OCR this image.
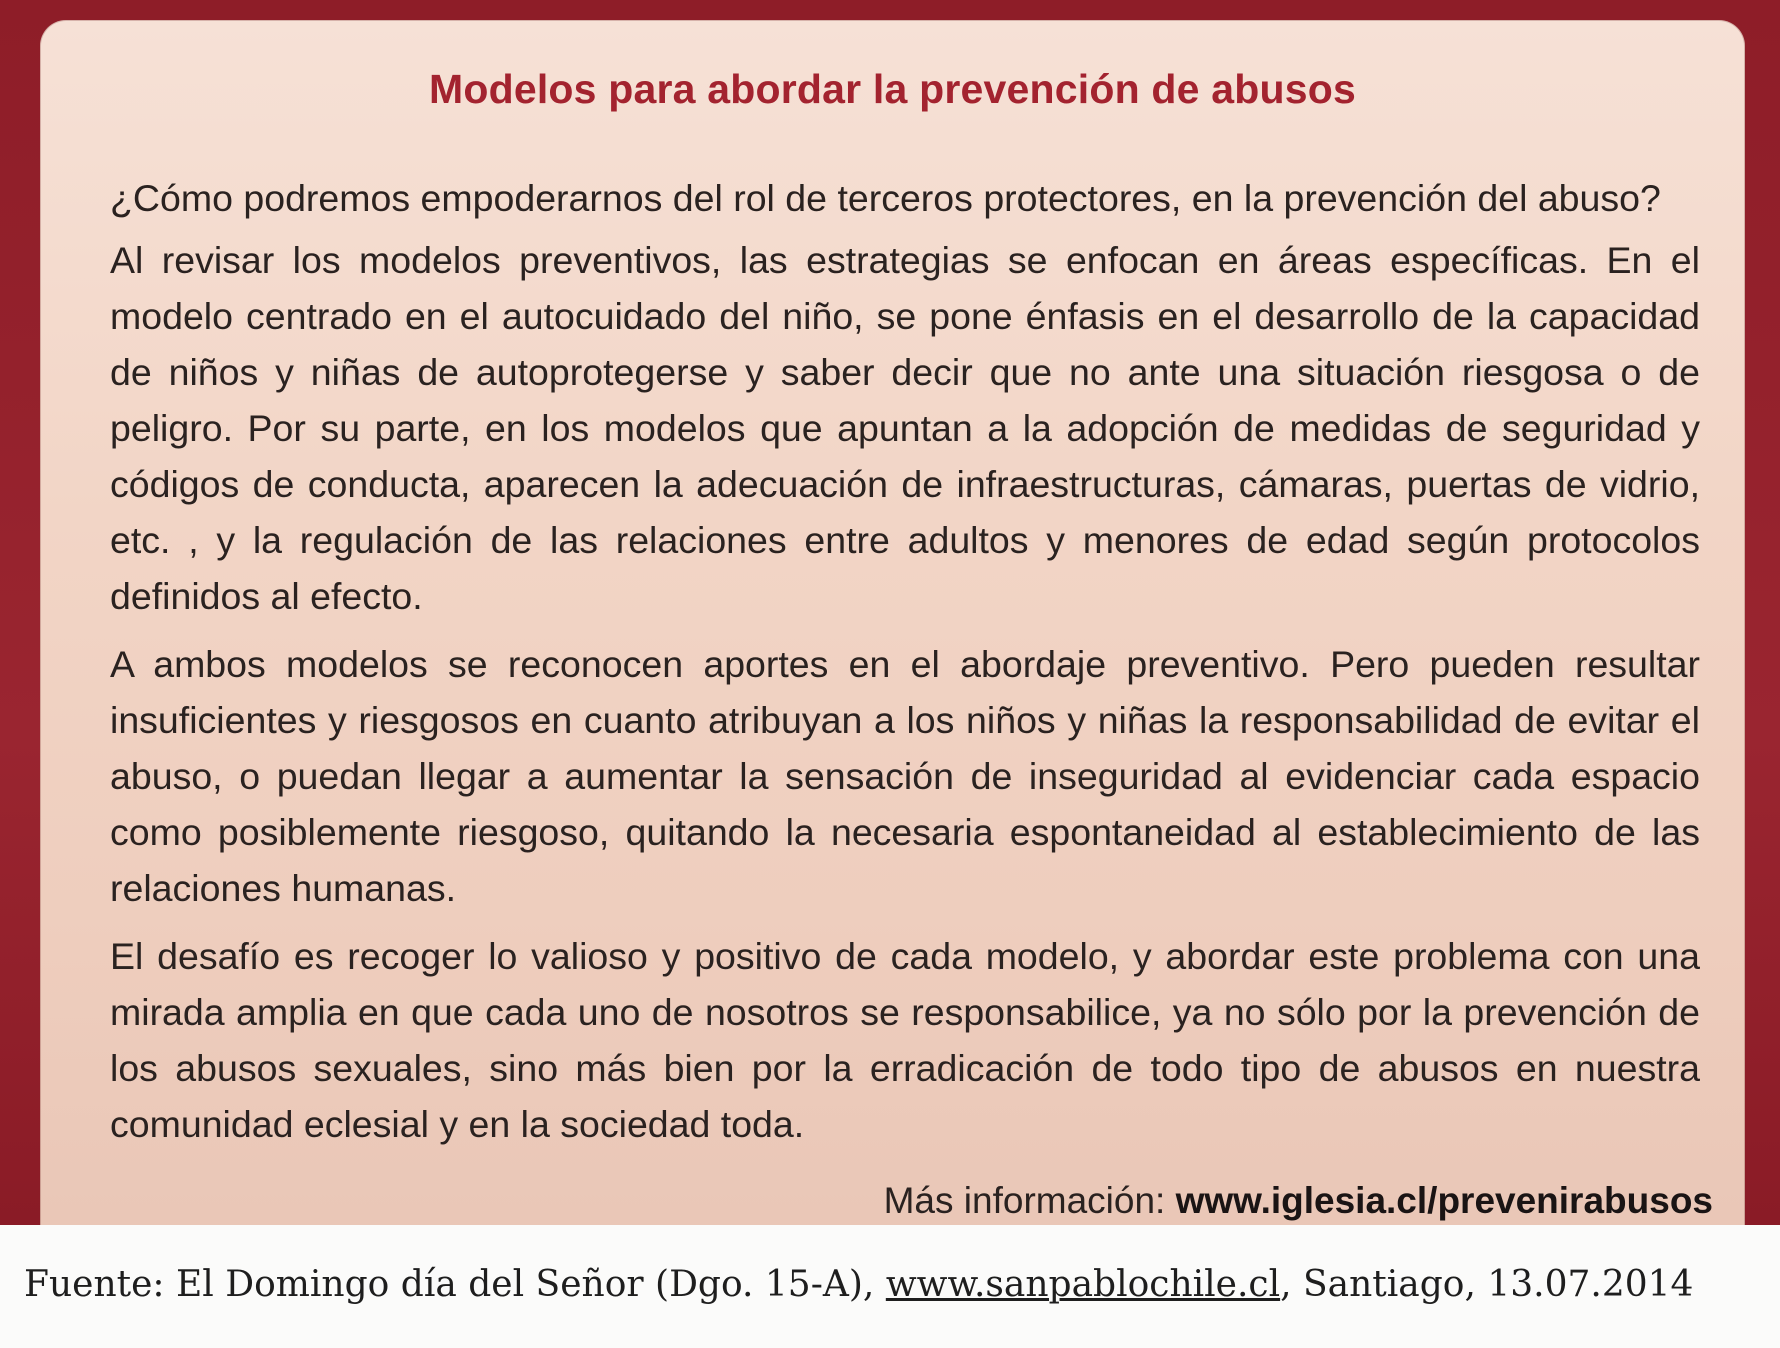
Modelos para abordar la prevención de abusos

¿Cómo podremos empoderarnos del rol de terceros protectores, en la prevención del abuso?

Al revisar los modelos preventivos, las estrategias se enfocan en áreas específicas. En el modelo centrado en el autocuidado del niño, se pone énfasis en el desarrollo de la capacidad de niños y niñas de autoprotegerse y saber decir que no ante una situación riesgosa o de peligro. Por su parte, en los modelos que apuntan a la adopción de medidas de seguridad y códigos de conducta, aparecen la adecuación de infraestructuras, cámaras, puertas de vidrio, etc. , y la regulación de las relaciones entre adultos y menores de edad según protocolos definidos al efecto.

A ambos modelos se reconocen aportes en el abordaje preventivo. Pero pueden resultar insuficientes y riesgosos en cuanto atribuyan a los niños y niñas la responsabilidad de evitar el abuso, o puedan llegar a aumentar la sensación de inseguridad al evidenciar cada espacio como posiblemente riesgoso, quitando la necesaria espontaneidad al establecimiento de las relaciones humanas.

El desafío es recoger lo valioso y positivo de cada modelo, y abordar este problema con una mirada amplia en que cada uno de nosotros se responsabilice, ya no sólo por la prevención de los abusos sexuales, sino más bien por la erradicación de todo tipo de abusos en nuestra comunidad eclesial y en la sociedad toda.

Más información: www.iglesia.cl/prevenirabusos
Fuente: El Domingo día del Señor (Dgo. 15-A), www.sanpablochile.cl, Santiago, 13.07.2014
